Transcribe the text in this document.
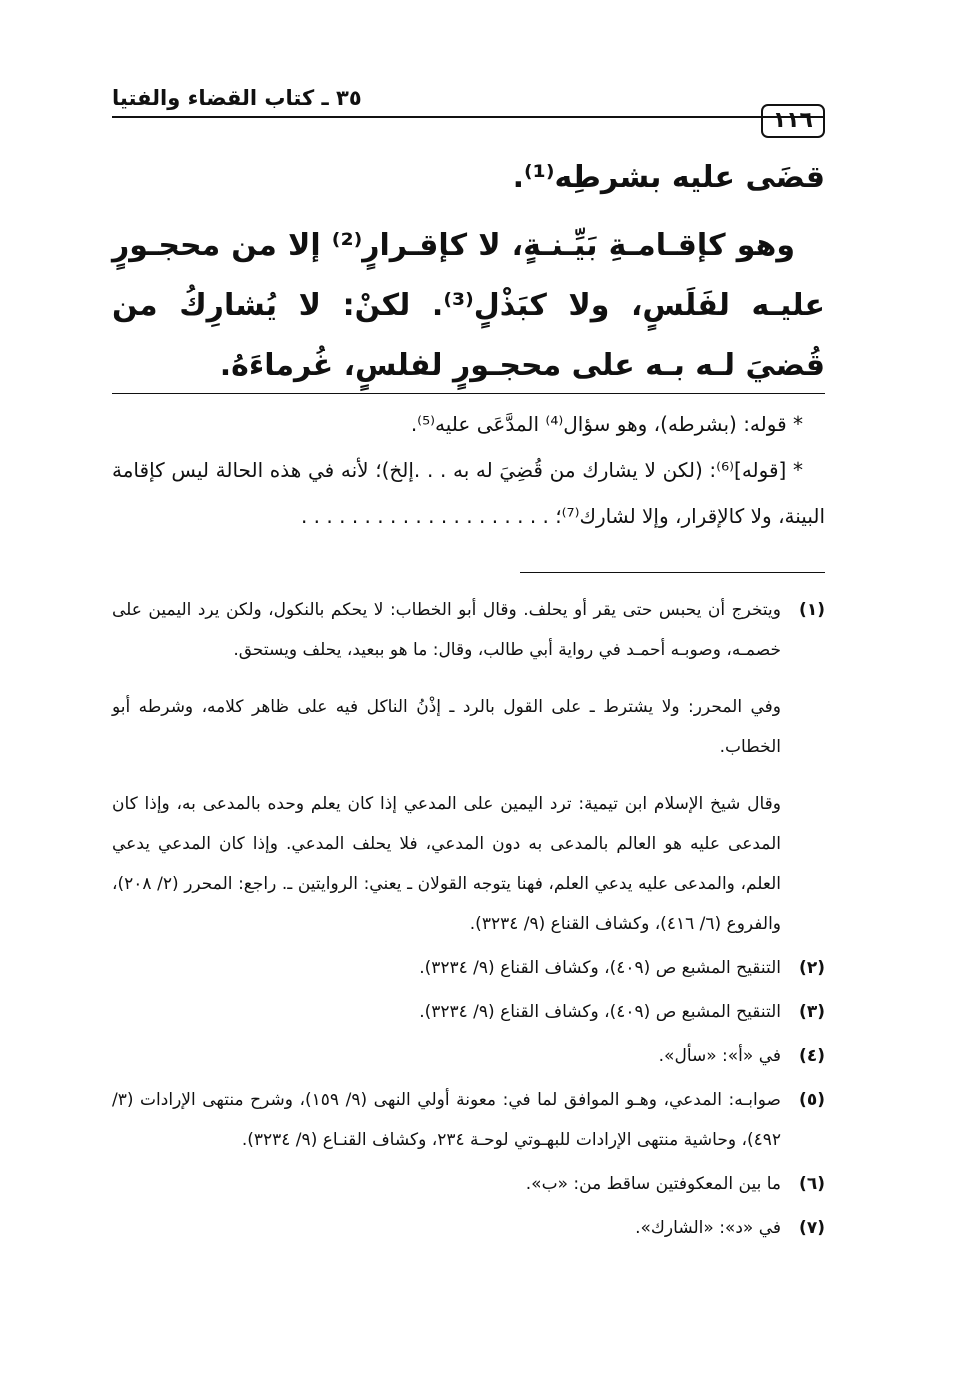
١١٦
٣٥ ـ كتاب القضاء والفتيا

قضَى عليه بشرطِه⁽¹⁾.

وهو كإقـامـةِ بَيِّـنـةٍ، لا كإقـرارٍ⁽²⁾ إلا من محجـورٍ عليـه لفَلَسٍ، ولا كبَذْلٍ⁽³⁾. لكنْ: لا يُشارِكُ من قُضيَ لـه بـه على محجـورٍ لفلسٍ، غُرماءَهُ.

* قوله: (بشرطه)، وهو سؤال⁽⁴⁾ المدَّعَى عليه⁽⁵⁾.

* [قوله]⁽⁶⁾: (لكن لا يشارك من قُضِيَ له به . . .إلخ)؛ لأنه في هذه الحالة ليس كإقامة البينة، ولا كالإقرار، وإلا لشارك⁽⁷⁾؛ . . . . . . . . . . . . . . . . . . . .

(١)

ويتخرج أن يحبس حتى يقر أو يحلف. وقال أبو الخطاب: لا يحكم بالنكول، ولكن يرد اليمين على خصمـه، وصوبـه أحمـد في رواية أبي طالب، وقال: ما هو ببعيد، يحلف ويستحق.

وفي المحرر: ولا يشترط ـ على القول بالرد ـ إذْنُ الناكل فيه على ظاهر كلامه، وشرطه أبو الخطاب.

وقال شيخ الإسلام ابن تيمية: ترد اليمين على المدعي إذا كان يعلم وحده بالمدعى به، وإذا كان المدعى عليه هو العالم بالمدعى به دون المدعي، فلا يحلف المدعي. وإذا كان المدعي يدعي العلم، والمدعى عليه يدعي العلم، فهنا يتوجه القولان ـ يعني: الروايتين ـ. راجع: المحرر (٢/ ٢٠٨)، والفروع (٦/ ٤١٦)، وكشاف القناع (٩/ ٣٢٣٤).

(٢)

التنقيح المشبع ص (٤٠٩)، وكشاف القناع (٩/ ٣٢٣٤).

(٣)

التنقيح المشبع ص (٤٠٩)، وكشاف القناع (٩/ ٣٢٣٤).

(٤)

في «أ»: «سأل».

(٥)

صوابـه: المدعي، وهـو الموافق لما في: معونة أولي النهى (٩/ ١٥٩)، وشرح منتهى الإرادات (٣/ ٤٩٢)، وحاشية منتهى الإرادات للبهـوتي لوحـة ٢٣٤، وكشاف القنـاع (٩/ ٣٢٣٤).

(٦)

ما بين المعكوفتين ساقط من: «ب».

(٧)

في «د»: «الشارك».
